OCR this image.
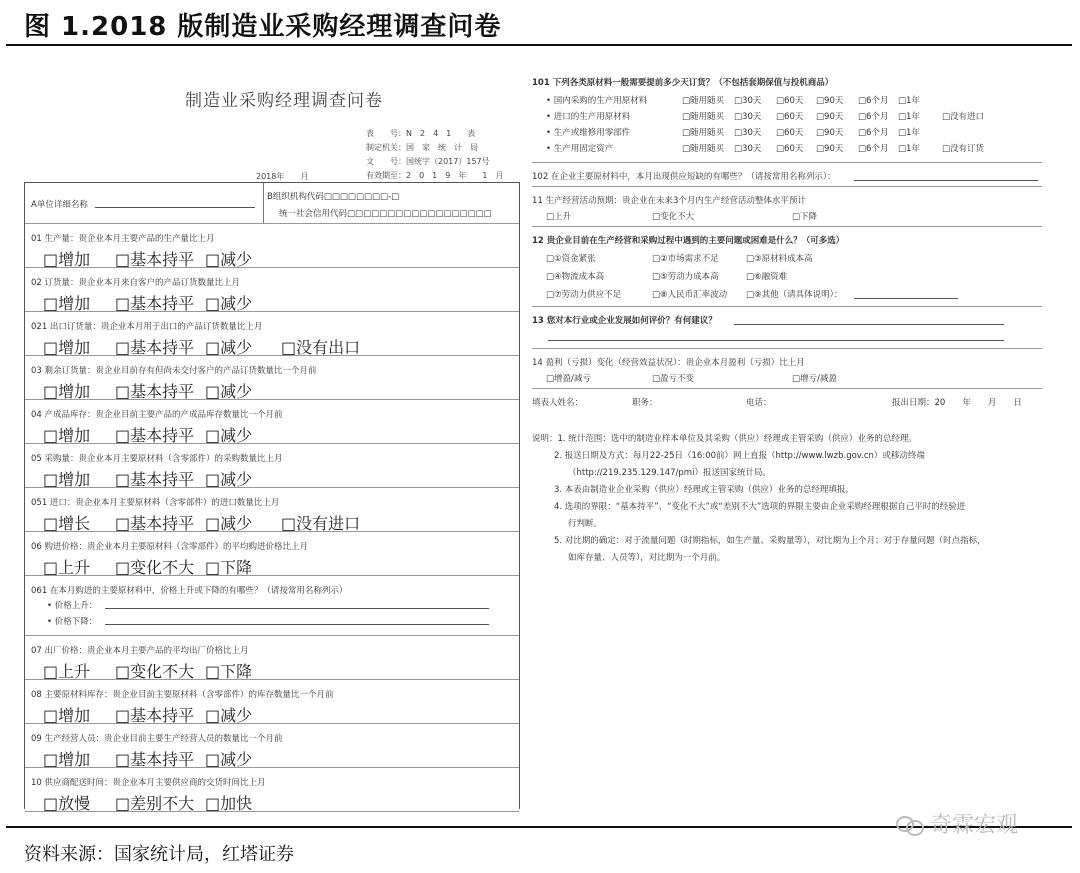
图 1.2018 版制造业采购经理调查问卷
制造业采购经理调查问卷
表　　号：N　2　4　1　　表
制定机关：国　家　统　计　局
文　　号：国统字（2017）157号
有效期至：2　0　1　9　年　　1　月
2018年　　月
A单位详细名称
B组织机构代码□□□□□□□□-□
统一社会信用代码□□□□□□□□□□□□□□□□□□
01 生产量：贵企业本月主要产品的生产量比上月
□增加 □基本持平 □减少
02 订货量：贵企业本月来自客户的产品订货数量比上月
□增加 □基本持平 □减少
021 出口订货量：贵企业本月用于出口的产品订货数量比上月
□增加 □基本持平 □减少 □没有出口
03 剩余订货量：贵企业目前存有但尚未交付客户的产品订货数量比一个月前
□增加 □基本持平 □减少
04 产成品库存：贵企业目前主要产品的产成品库存数量比一个月前
□增加 □基本持平 □减少
05 采购量：贵企业本月主要原材料（含零部件）的采购数量比上月
□增加 □基本持平 □减少
051 进口：贵企业本月主要原材料（含零部件）的进口数量比上月
□增长 □基本持平 □减少 □没有进口
06 购进价格：贵企业本月主要原材料（含零部件）的平均购进价格比上月
□上升 □变化不大 □下降
061 在本月购进的主要原材料中，价格上升或下降的有哪些？（请按常用名称列示）
• 价格上升：
• 价格下降：
07 出厂价格：贵企业本月主要产品的平均出厂价格比上月
□上升 □变化不大 □下降
08 主要原材料库存：贵企业目前主要原材料（含零部件）的库存数量比一个月前
□增加 □基本持平 □减少
09 生产经营人员：贵企业目前主要生产经营人员的数量比一个月前
□增加 □基本持平 □减少
10 供应商配送时间：贵企业本月主要供应商的交货时间比上月
□放慢 □差别不大 □加快
101 下列各类原材料一般需要提前多少天订货？（不包括套期保值与投机商品）
• 国内采购的生产用原材料	□随用随买 □30天 □60天 □90天 □6个月 □1年
• 进口的生产用原材料	□随用随买 □30天 □60天 □90天 □6个月 □1年	□没有进口
• 生产或维修用零部件	□随用随买 □30天 □60天 □90天 □6个月 □1年
• 生产用固定资产	□随用随买 □30天 □60天 □90天 □6个月 □1年	□没有订货
102 在企业主要原材料中，本月出现供应短缺的有哪些？（请按常用名称列示）：
11 生产经营活动预期：贵企业在未来3个月内生产经营活动整体水平预计
□上升	□变化不大	□下降
12 贵企业目前在生产经营和采购过程中遇到的主要问题或困难是什么？（可多选）
□①资金紧张	□②市场需求不足	□③原材料成本高
□④物流成本高	□⑤劳动力成本高	□⑥融资难
□⑦劳动力供应不足	□⑧人民币汇率波动 □⑨其他（请具体说明）：
13 您对本行业或企业发展如何评价？有何建议？
14 盈利（亏损）变化（经营效益状况）：贵企业本月盈利（亏损）比上月
□增盈/减亏	□盈亏不变	□增亏/减盈
填表人姓名：	职务：	电话：	报出日期：20　　年　　月　　日
说明：1. 统计范围：选中的制造业样本单位及其采购（供应）经理或主管采购（供应）业务的总经理。
2. 报送日期及方式：每月22-25日（16:00前）网上直报（http://www.lwzb.gov.cn）或移动终端
（http://219.235.129.147/pmi）报送国家统计局。
3. 本表由制造业企业采购（供应）经理或主管采购（供应）业务的总经理填报。
4. 选项的界限：“基本持平”、“变化不大”或“差别不大”选项的界限主要由企业采购经理根据自己平时的经验进
行判断。
5. 对比期的确定：对于流量问题（时期指标，如生产量、采购量等），对比期为上个月；对于存量问题（时点指标，
如库存量、人员等），对比期为一个月前。
资料来源：国家统计局，红塔证券
奇霖宏观
